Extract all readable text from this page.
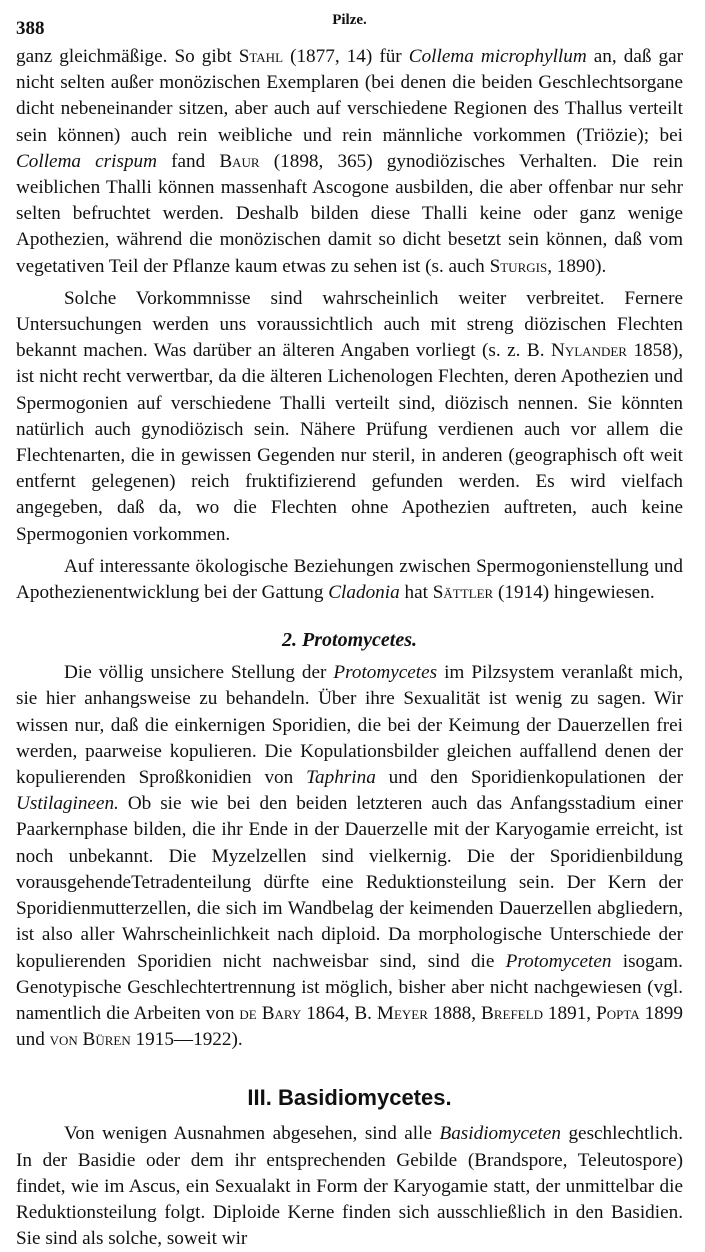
388	Pilze.

ganz gleichmäßige. So gibt Stahl (1877, 14) für Collema microphyllum an, daß gar nicht selten außer monözischen Exemplaren (bei denen die beiden Geschlechtsorgane dicht nebeneinander sitzen, aber auch auf verschiedene Regionen des Thallus verteilt sein können) auch rein weibliche und rein männliche vorkommen (Triözie); bei Collema crispum fand Baur (1898, 365) gynodiözisches Verhalten. Die rein weiblichen Thalli können massenhaft Ascogone ausbilden, die aber offenbar nur sehr selten befruchtet werden. Deshalb bilden diese Thalli keine oder ganz wenige Apothezien, während die monözischen damit so dicht besetzt sein können, daß vom vegetativen Teil der Pflanze kaum etwas zu sehen ist (s. auch Sturgis, 1890).

Solche Vorkommnisse sind wahrscheinlich weiter verbreitet. Fernere Untersuchungen werden uns voraussichtlich auch mit streng diözischen Flechten bekannt machen. Was darüber an älteren Angaben vorliegt (s. z. B. Nylander 1858), ist nicht recht verwertbar, da die älteren Lichenologen Flechten, deren Apothezien und Spermogonien auf verschiedene Thalli verteilt sind, diözisch nennen. Sie könnten natürlich auch gynodiözisch sein. Nähere Prüfung verdienen auch vor allem die Flechtenarten, die in gewissen Gegenden nur steril, in anderen (geographisch oft weit entfernt gelegenen) reich fruktifizierend gefunden werden. Es wird vielfach angegeben, daß da, wo die Flechten ohne Apothezien auftreten, auch keine Spermogonien vorkommen.

Auf interessante ökologische Beziehungen zwischen Spermogonienstellung und Apothezienentwicklung bei der Gattung Cladonia hat Sättler (1914) hingewiesen.

2. Protomycetes.

Die völlig unsichere Stellung der Protomycetes im Pilzsystem veranlaßt mich, sie hier anhangsweise zu behandeln. Über ihre Sexualität ist wenig zu sagen. Wir wissen nur, daß die einkernigen Sporidien, die bei der Keimung der Dauerzellen frei werden, paarweise kopulieren. Die Kopulationsbilder gleichen auffallend denen der kopulierenden Sproßkonidien von Taphrina und den Sporidienkopulationen der Ustilagineen. Ob sie wie bei den beiden letzteren auch das Anfangsstadium einer Paarkernphase bilden, die ihr Ende in der Dauerzelle mit der Karyogamie erreicht, ist noch unbekannt. Die Myzelzellen sind vielkernig. Die der Sporidienbildung vorausgehendeTetradenteilung dürfte eine Reduktionsteilung sein. Der Kern der Sporidienmutterzellen, die sich im Wandbelag der keimenden Dauerzellen abgliedern, ist also aller Wahrscheinlichkeit nach diploid. Da morphologische Unterschiede der kopulierenden Sporidien nicht nachweisbar sind, sind die Protomyceten isogam. Genotypische Geschlechtertrennung ist möglich, bisher aber nicht nachgewiesen (vgl. namentlich die Arbeiten von de Bary 1864, B. Meyer 1888, Brefeld 1891, Popta 1899 und von Büren 1915—1922).

III. Basidiomycetes.

Von wenigen Ausnahmen abgesehen, sind alle Basidiomyceten geschlechtlich. In der Basidie oder dem ihr entsprechenden Gebilde (Brandspore, Teleutospore) findet, wie im Ascus, ein Sexualakt in Form der Karyogamie statt, der unmittelbar die Reduktionsteilung folgt. Diploide Kerne finden sich ausschließlich in den Basidien. Sie sind als solche, soweit wir
